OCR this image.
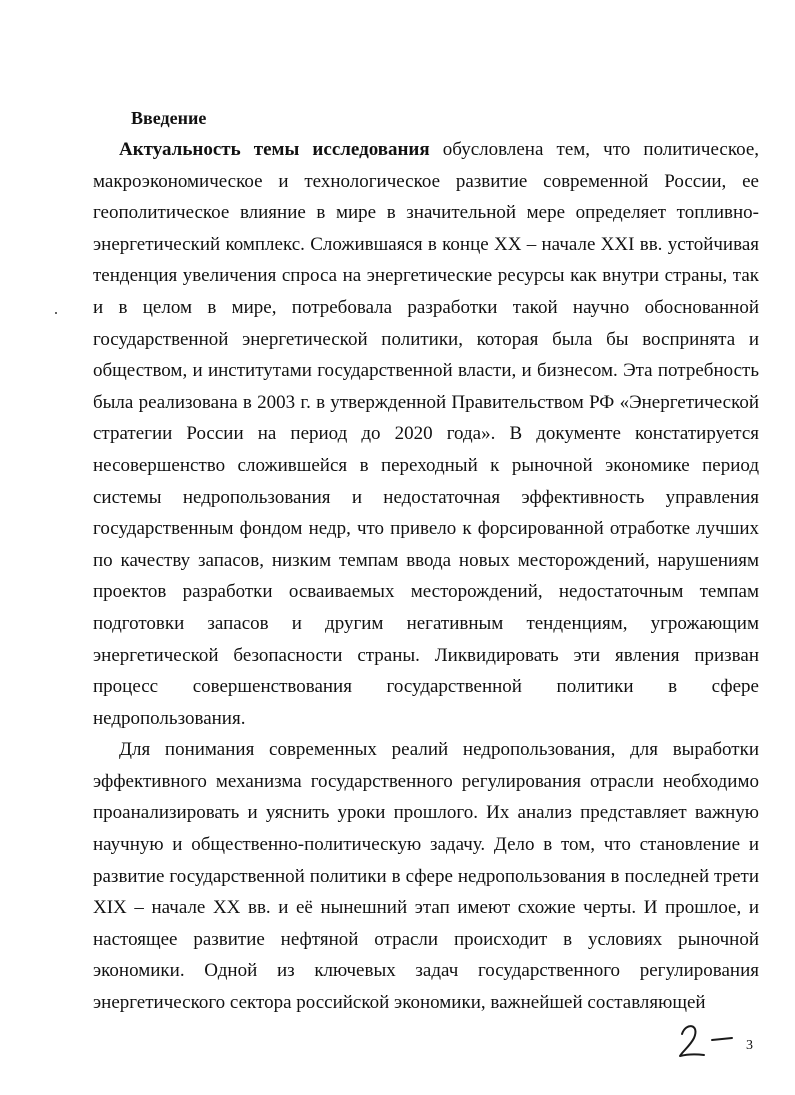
Введение

Актуальность темы исследования обусловлена тем, что политическое, макроэкономическое и технологическое развитие современной России, ее геополитическое влияние в мире в значительной мере определяет топливно-энергетический комплекс. Сложившаяся в конце XX – начале XXI вв. устойчивая тенденция увеличения спроса на энергетические ресурсы как внутри страны, так и в целом в мире, потребовала разработки такой научно обоснованной государственной энергетической политики, которая была бы воспринята и обществом, и институтами государственной власти, и бизнесом. Эта потребность была реализована в 2003 г. в утвержденной Правительством РФ «Энергетической стратегии России на период до 2020 года». В документе констатируется несовершенство сложившейся в переходный к рыночной экономике период системы недропользования и недостаточная эффективность управления государственным фондом недр, что привело к форсированной отработке лучших по качеству запасов, низким темпам ввода новых месторождений, нарушениям проектов разработки осваиваемых месторождений, недостаточным темпам подготовки запасов и другим негативным тенденциям, угрожающим энергетической безопасности страны. Ликвидировать эти явления призван процесс совершенствования государственной политики в сфере недропользования.

Для понимания современных реалий недропользования, для выработки эффективного механизма государственного регулирования отрасли необходимо проанализировать и уяснить уроки прошлого. Их анализ представляет важную научную и общественно-политическую задачу. Дело в том, что становление и развитие государственной политики в сфере недропользования в последней трети XIX – начале XX вв. и её нынешний этап имеют схожие черты. И прошлое, и настоящее развитие нефтяной отрасли происходит в условиях рыночной экономики. Одной из ключевых задач государственного регулирования энергетического сектора российской экономики, важнейшей составляющей

3
